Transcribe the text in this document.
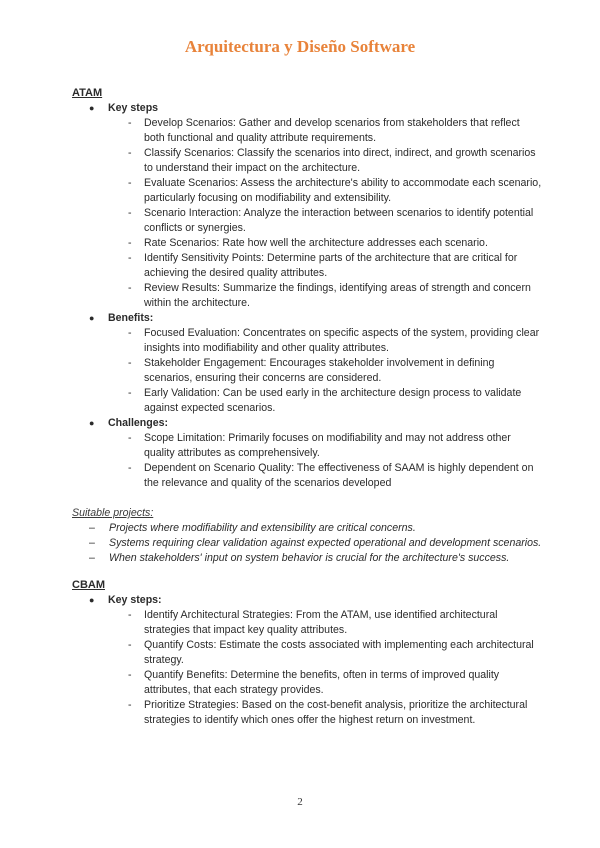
Arquitectura y Diseño Software

ATAM

● Key steps

- Develop Scenarios: Gather and develop scenarios from stakeholders that reflect both functional and quality attribute requirements.

- Classify Scenarios: Classify the scenarios into direct, indirect, and growth scenarios to understand their impact on the architecture.

- Evaluate Scenarios: Assess the architecture's ability to accommodate each scenario, particularly focusing on modifiability and extensibility.

- Scenario Interaction: Analyze the interaction between scenarios to identify potential conflicts or synergies.

- Rate Scenarios: Rate how well the architecture addresses each scenario.

- Identify Sensitivity Points: Determine parts of the architecture that are critical for achieving the desired quality attributes.

- Review Results: Summarize the findings, identifying areas of strength and concern within the architecture.

● Benefits:

- Focused Evaluation: Concentrates on specific aspects of the system, providing clear insights into modifiability and other quality attributes.

- Stakeholder Engagement: Encourages stakeholder involvement in defining scenarios, ensuring their concerns are considered.

- Early Validation: Can be used early in the architecture design process to validate against expected scenarios.

● Challenges:

- Scope Limitation: Primarily focuses on modifiability and may not address other quality attributes as comprehensively.

- Dependent on Scenario Quality: The effectiveness of SAAM is highly dependent on the relevance and quality of the scenarios developed

Suitable projects:

– Projects where modifiability and extensibility are critical concerns.

– Systems requiring clear validation against expected operational and development scenarios.

– When stakeholders' input on system behavior is crucial for the architecture's success.

CBAM

● Key steps:

- Identify Architectural Strategies: From the ATAM, use identified architectural strategies that impact key quality attributes.

- Quantify Costs: Estimate the costs associated with implementing each architectural strategy.

- Quantify Benefits: Determine the benefits, often in terms of improved quality attributes, that each strategy provides.

- Prioritize Strategies: Based on the cost-benefit analysis, prioritize the architectural strategies to identify which ones offer the highest return on investment.

2
